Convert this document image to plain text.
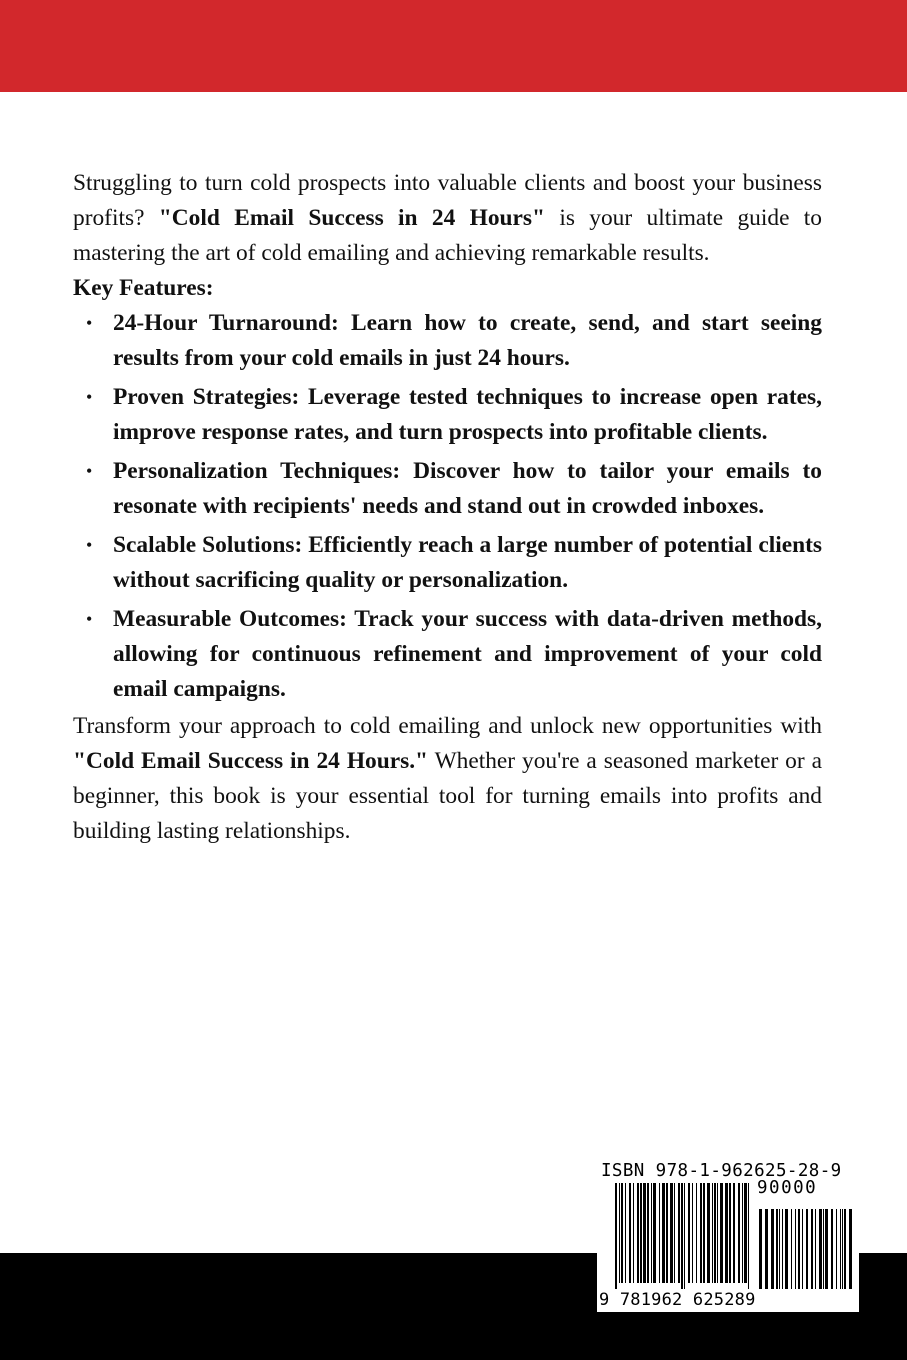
Struggling to turn cold prospects into valuable clients and boost your business profits? "Cold Email Success in 24 Hours" is your ultimate guide to mastering the art of cold emailing and achieving remarkable results.

Key Features:

• 24-Hour Turnaround: Learn how to create, send, and start seeing results from your cold emails in just 24 hours.
• Proven Strategies: Leverage tested techniques to increase open rates, improve response rates, and turn prospects into profitable clients.
• Personalization Techniques: Discover how to tailor your emails to resonate with recipients' needs and stand out in crowded inboxes.
• Scalable Solutions: Efficiently reach a large number of potential clients without sacrificing quality or personalization.
• Measurable Outcomes: Track your success with data-driven methods, allowing for continuous refinement and improvement of your cold email campaigns.

Transform your approach to cold emailing and unlock new opportunities with "Cold Email Success in 24 Hours." Whether you're a seasoned marketer or a beginner, this book is your essential tool for turning emails into profits and building lasting relationships.

ISBN 978-1-962625-28-9
90000
9 781962 625289
